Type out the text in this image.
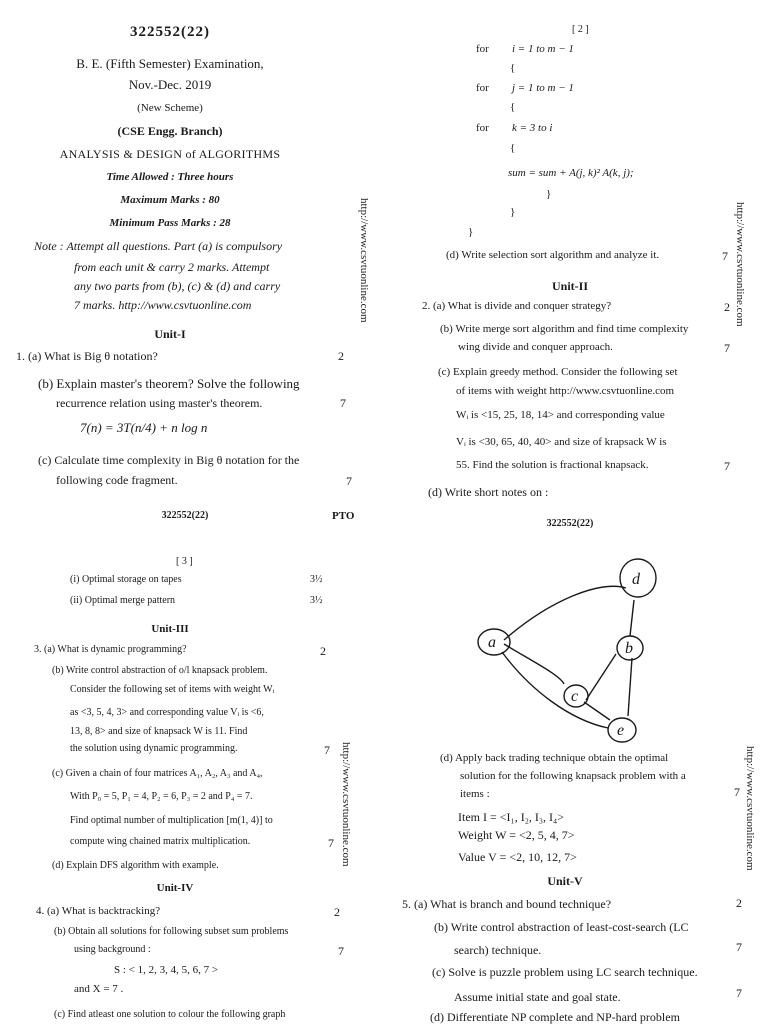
322552(22)
B. E. (Fifth Semester) Examination,
Nov.-Dec. 2019
(New Scheme)
(CSE Engg. Branch)
ANALYSIS & DESIGN of ALGORITHMS
Time Allowed : Three hours
Maximum Marks : 80
Minimum Pass Marks : 28
Note : Attempt all questions. Part (a) is compulsory
from each unit & carry 2 marks. Attempt
any two parts from (b), (c) & (d) and carry
7 marks. http://www.csvtuonline.com
Unit-I
1. (a) What is Big θ notation?	2
(b) Explain master's theorem? Solve the following
recurrence relation using master's theorem.	7
7(n) = 3T(n/4) + n log n
(c) Calculate time complexity in Big θ notation for the
following code fragment.	7
322552(22)	PTO
http://www.csvtuonline.com
[ 2 ]
for i = 1 to m − 1
{
for j = 1 to m − 1
{
for k = 3 to i
{
sum = sum + A(j, k)² A(k, j);
}
}
}
(d) Write selection sort algorithm and analyze it.	7
Unit-II
2. (a) What is divide and conquer strategy?	2
(b) Write merge sort algorithm and find time complexity
wing divide and conquer approach.	7
(c) Explain greedy method. Consider the following set
of items with weight http://www.csvtuonline.com
Wᵢ is <15, 25, 18, 14> and corresponding value
Vᵢ is <30, 65, 40, 40> and size of krapsack W is
55. Find the solution is fractional knapsack.	7
(d) Write short notes on :
322552(22)
http://www.csvtuonline.com
[ 3 ]
(i) Optimal storage on tapes	3½
(ii) Optimal merge pattern	3½
Unit-III
3. (a) What is dynamic programming?	2
(b) Write control abstraction of o/l knapsack problem.
Consider the following set of items with weight Wᵢ
as <3, 5, 4, 3> and corresponding value Vᵢ is <6,
13, 8, 8> and size of knapsack W is 11. Find
the solution using dynamic programming.	7
(c) Given a chain of four matrices A₁, A₂, A₃ and A₄,
With P₀ = 5, P₁ = 4, P₂ = 6, P₃ = 2 and P₄ = 7.
Find optimal number of multiplication [m(1, 4)] to
compute wing chained matrix multiplication.	7
(d) Explain DFS algorithm with example.
Unit-IV
4. (a) What is backtracking?	2
(b) Obtain all solutions for following subset sum problems
using background :	7
S : < 1, 2, 3, 4, 5, 6, 7 >
and X = 7 .
(c) Find atleast one solution to colour the following graph
http://www.csvtuonline.com
d
a	b
c
e
(d) Apply back trading technique obtain the optimal
solution for the following knapsack problem with a
items :	7
Item I = <I₁, I₂, I₃, I₄>
Weight W = <2, 5, 4, 7>
Value V = <2, 10, 12, 7>
Unit-V
5. (a) What is branch and bound technique?	2
(b) Write control abstraction of least-cost-search (LC
search) technique.	7
(c) Solve is puzzle problem using LC search technique.
Assume initial state and goal state.	7
(d) Differentiate NP complete and NP-hard problem
http://www.csvtuonline.com
